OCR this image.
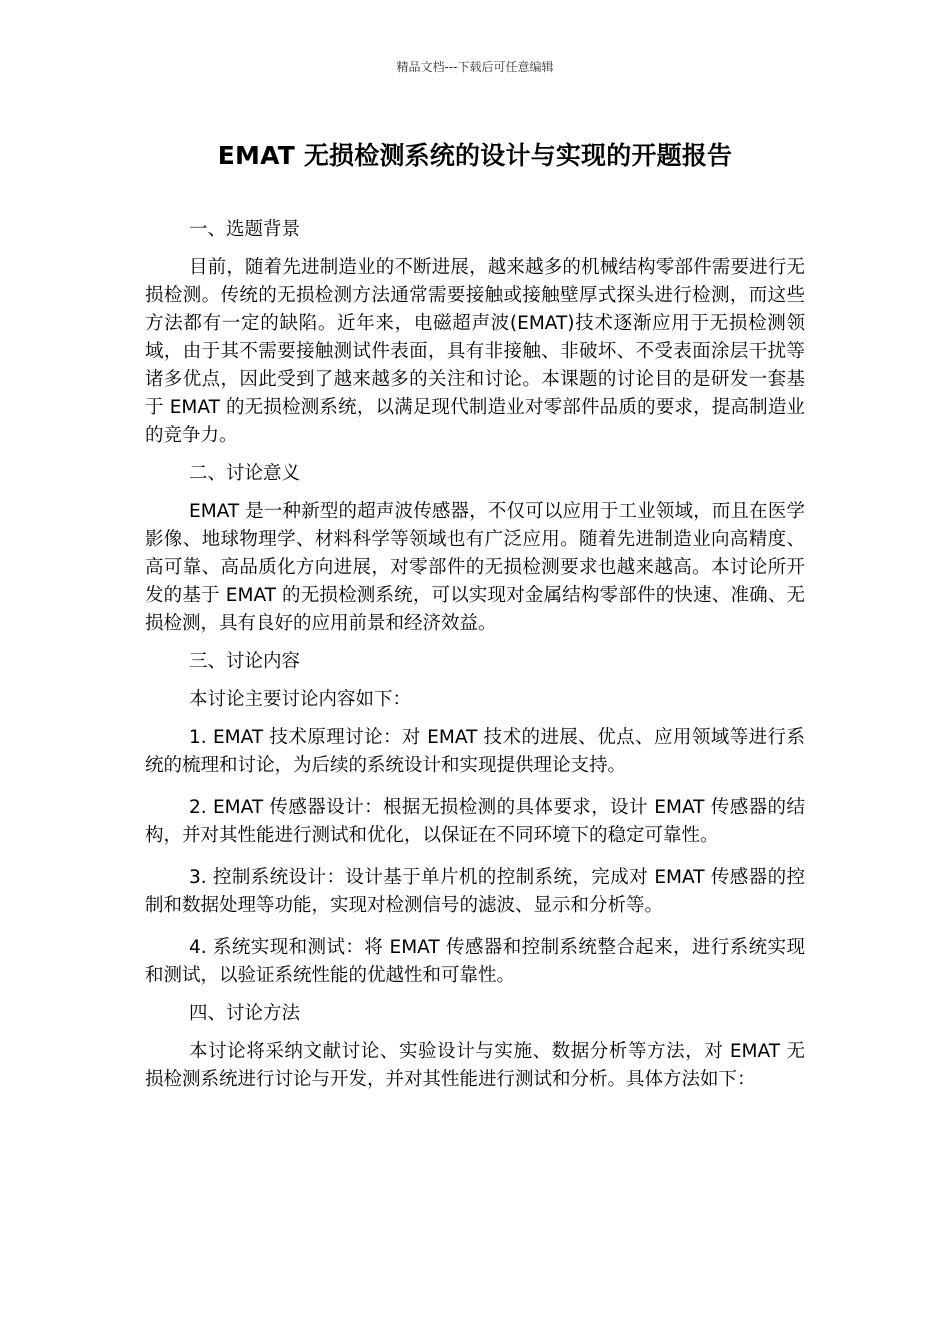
精品文档---下载后可任意编辑
EMAT 无损检测系统的设计与实现的开题报告

一、选题背景

目前，随着先进制造业的不断进展，越来越多的机械结构零部件需要进行无损检测。传统的无损检测方法通常需要接触或接触壁厚式探头进行检测，而这些方法都有一定的缺陷。近年来，电磁超声波(EMAT)技术逐渐应用于无损检测领域，由于其不需要接触测试件表面，具有非接触、非破坏、不受表面涂层干扰等诸多优点，因此受到了越来越多的关注和讨论。本课题的讨论目的是研发一套基于 EMAT 的无损检测系统，以满足现代制造业对零部件品质的要求，提高制造业的竞争力。

二、讨论意义

EMAT 是一种新型的超声波传感器，不仅可以应用于工业领域，而且在医学影像、地球物理学、材料科学等领域也有广泛应用。随着先进制造业向高精度、高可靠、高品质化方向进展，对零部件的无损检测要求也越来越高。本讨论所开发的基于 EMAT 的无损检测系统，可以实现对金属结构零部件的快速、准确、无损检测，具有良好的应用前景和经济效益。

三、讨论内容

本讨论主要讨论内容如下：

1. EMAT 技术原理讨论：对 EMAT 技术的进展、优点、应用领域等进行系统的梳理和讨论，为后续的系统设计和实现提供理论支持。

2. EMAT 传感器设计：根据无损检测的具体要求，设计 EMAT 传感器的结构，并对其性能进行测试和优化，以保证在不同环境下的稳定可靠性。

3. 控制系统设计：设计基于单片机的控制系统，完成对 EMAT 传感器的控制和数据处理等功能，实现对检测信号的滤波、显示和分析等。

4. 系统实现和测试：将 EMAT 传感器和控制系统整合起来，进行系统实现和测试，以验证系统性能的优越性和可靠性。

四、讨论方法

本讨论将采纳文献讨论、实验设计与实施、数据分析等方法，对 EMAT 无损检测系统进行讨论与开发，并对其性能进行测试和分析。具体方法如下：
